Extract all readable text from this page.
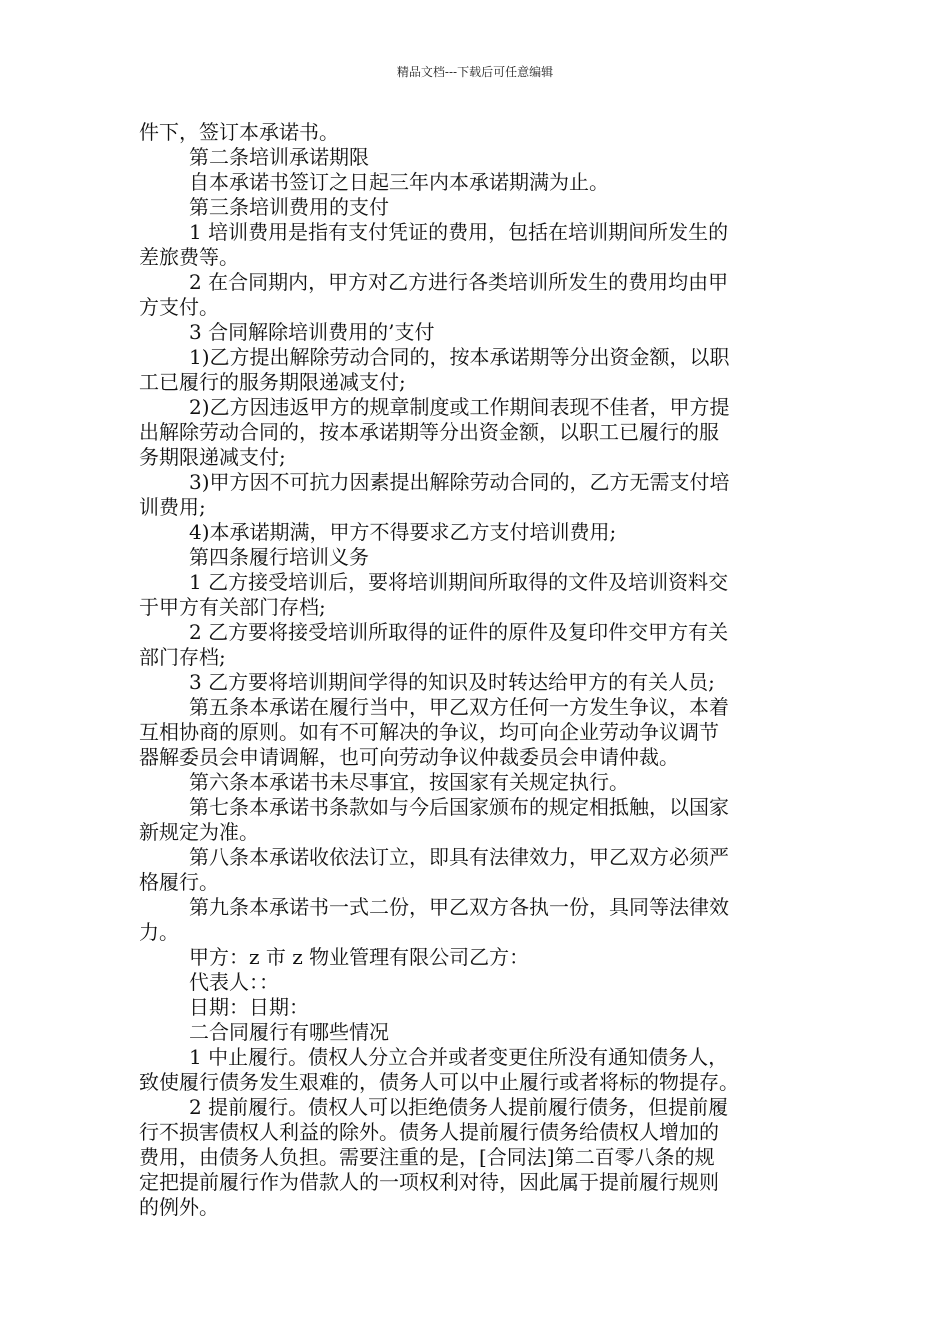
精品文档---下载后可任意编辑
件下，签订本承诺书。
第二条培训承诺期限
自本承诺书签订之日起三年内本承诺期满为止。
第三条培训费用的支付
1 培训费用是指有支付凭证的费用，包括在培训期间所发生的
差旅费等。
2 在合同期内，甲方对乙方进行各类培训所发生的费用均由甲
方支付。
3 合同解除培训费用的’支付
1)乙方提出解除劳动合同的，按本承诺期等分出资金额，以职
工已履行的服务期限递减支付;
2)乙方因违返甲方的规章制度或工作期间表现不佳者，甲方提
出解除劳动合同的，按本承诺期等分出资金额，以职工已履行的服
务期限递减支付;
3)甲方因不可抗力因素提出解除劳动合同的，乙方无需支付培
训费用;
4)本承诺期满，甲方不得要求乙方支付培训费用;
第四条履行培训义务
1 乙方接受培训后，要将培训期间所取得的文件及培训资料交
于甲方有关部门存档;
2 乙方要将接受培训所取得的证件的原件及复印件交甲方有关
部门存档;
3 乙方要将培训期间学得的知识及时转达给甲方的有关人员;
第五条本承诺在履行当中，甲乙双方任何一方发生争议，本着
互相协商的原则。如有不可解决的争议，均可向企业劳动争议调节
器解委员会申请调解，也可向劳动争议仲裁委员会申请仲裁。
第六条本承诺书未尽事宜，按国家有关规定执行。
第七条本承诺书条款如与今后国家颁布的规定相抵触，以国家
新规定为准。
第八条本承诺收依法订立，即具有法律效力，甲乙双方必须严
格履行。
第九条本承诺书一式二份，甲乙双方各执一份，具同等法律效
力。
甲方：z 市 z 物业管理有限公司乙方：
代表人：：
日期：日期：
二合同履行有哪些情况
1 中止履行。债权人分立合并或者变更住所没有通知债务人，
致使履行债务发生艰难的，债务人可以中止履行或者将标的物提存。
2 提前履行。债权人可以拒绝债务人提前履行债务，但提前履
行不损害债权人利益的除外。债务人提前履行债务给债权人增加的
费用，由债务人负担。需要注重的是，[合同法]第二百零八条的规
定把提前履行作为借款人的一项权利对待，因此属于提前履行规则
的例外。
